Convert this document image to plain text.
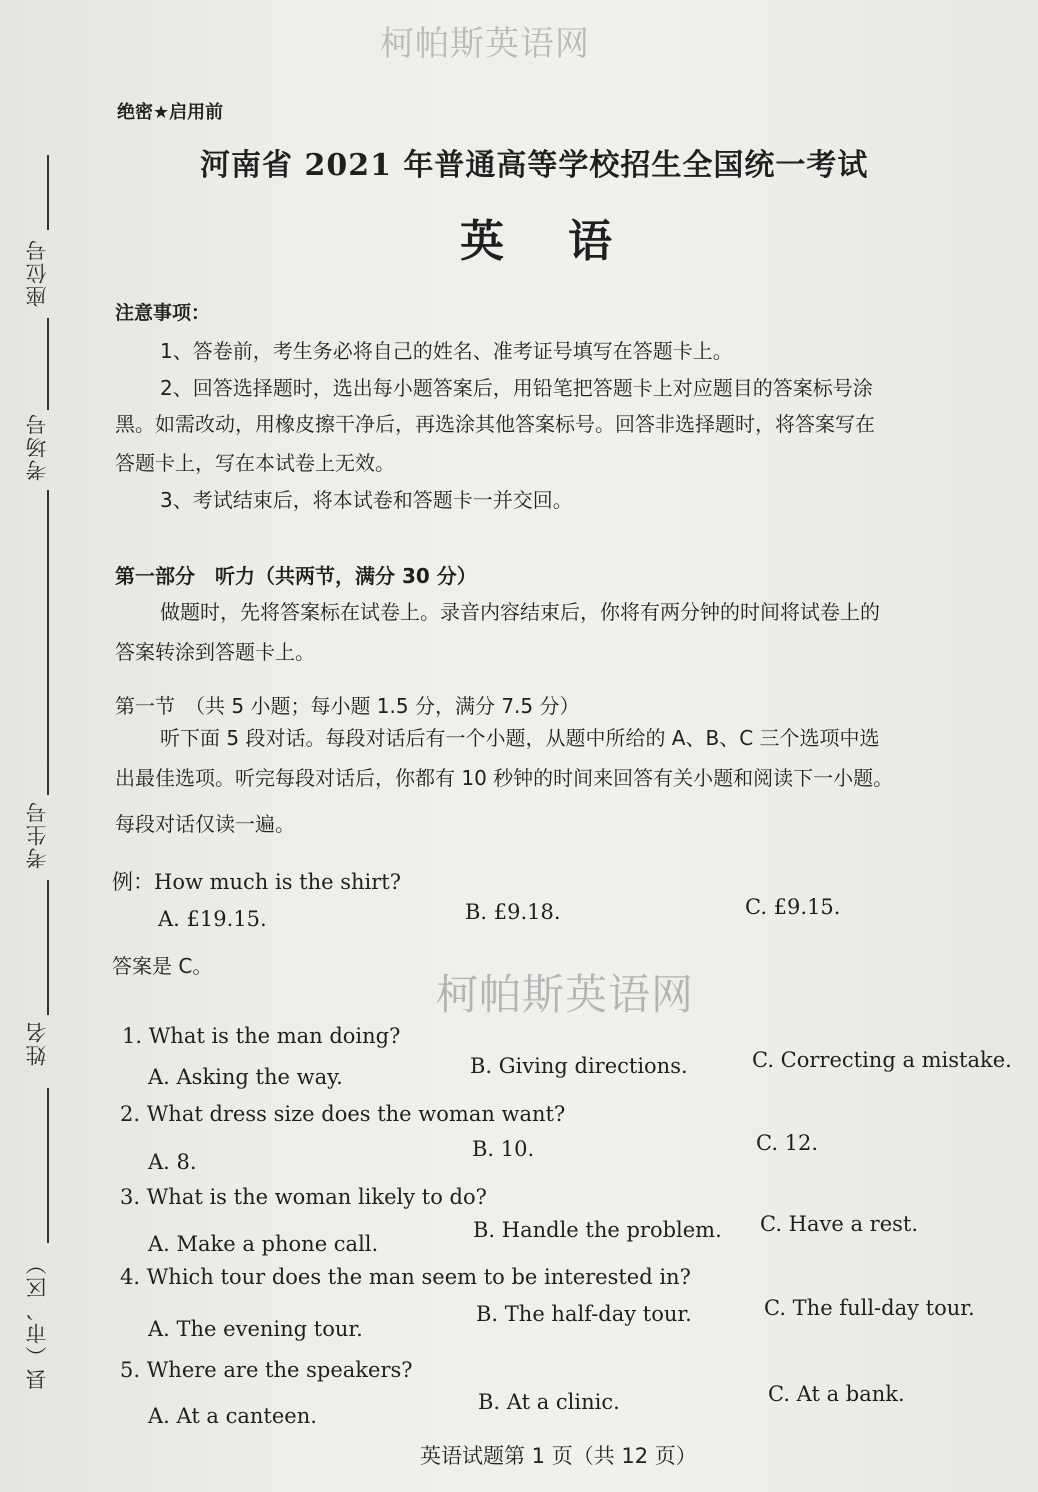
柯帕斯英语网
座位号
考场号
考生号
姓名
县（市、区）
绝密★启用前
河南省 2021 年普通高等学校招生全国统一考试
英语
注意事项：
1、答卷前，考生务必将自己的姓名、准考证号填写在答题卡上。
2、回答选择题时，选出每小题答案后，用铅笔把答题卡上对应题目的答案标号涂
黑。如需改动，用橡皮擦干净后，再选涂其他答案标号。回答非选择题时，将答案写在
答题卡上，写在本试卷上无效。
3、考试结束后，将本试卷和答题卡一并交回。
第一部分　听力（共两节，满分 30 分）
做题时，先将答案标在试卷上。录音内容结束后，你将有两分钟的时间将试卷上的
答案转涂到答题卡上。
第一节　（共 5 小题；每小题 1.5 分，满分 7.5 分）
听下面 5 段对话。每段对话后有一个小题，从题中所给的 A、B、C 三个选项中选
出最佳选项。听完每段对话后，你都有 10 秒钟的时间来回答有关小题和阅读下一小题。
每段对话仅读一遍。
例：How much is the shirt?
A. £19.15.	B. £9.18.	C. £9.15.
答案是 C。
柯帕斯英语网
1. What is the man doing?
A. Asking the way.	B. Giving directions.	C. Correcting a mistake.
2. What dress size does the woman want?
A. 8.
B. 10.	C. 12.
3. What is the woman likely to do?
A. Make a phone call.
B. Handle the problem. C. Have a rest.
4. Which tour does the man seem to be interested in?
A. The evening tour.
B. The half-day tour.	C. The full-day tour.
5. Where are the speakers?
A. At a canteen.
B. At a clinic.	C. At a bank.
英语试题第 1 页（共 12 页）
